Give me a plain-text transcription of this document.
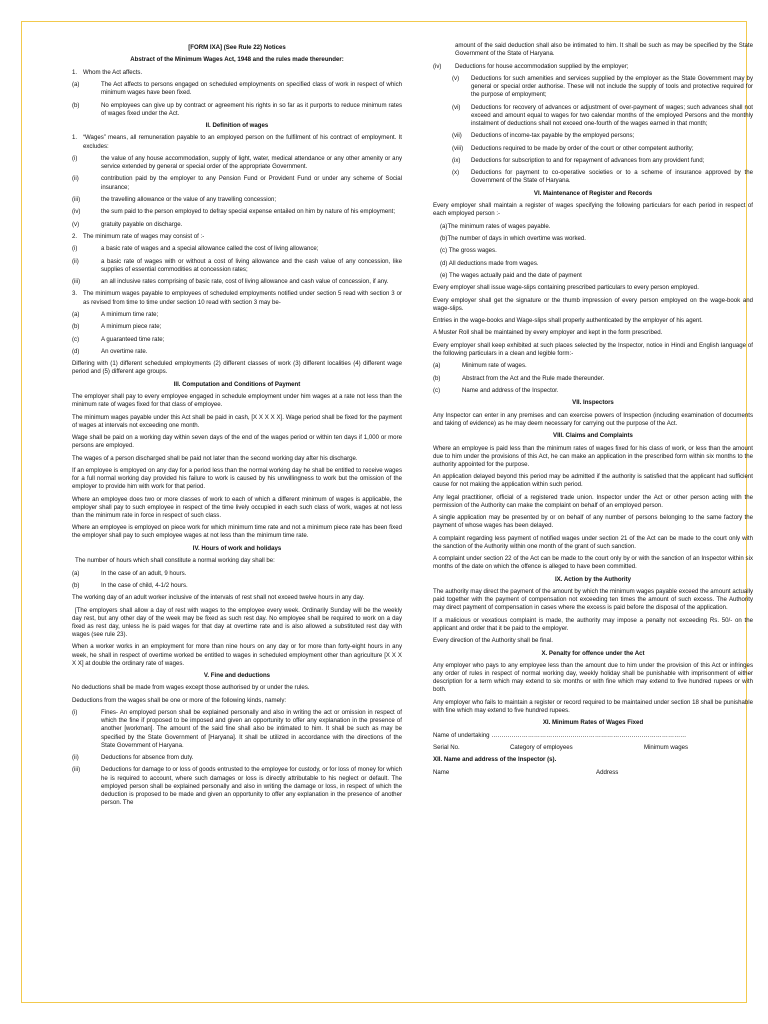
[FORM IXA] (See Rule 22) Notices
Abstract of the Minimum Wages Act, 1948 and the rules made thereunder:
1. Whom the Act affects.
(a)	The Act affects to persons engaged on scheduled employments on specified class of work in respect of which minimum wages have been fixed.
(b)	No employees can give up by contract or agreement his rights in so far as it purports to reduce minimum rates of wages fixed under the Act.
II. Definition of wages
1. “Wages” means, all remuneration payable to an employed person on the fulfilment of his contract of employment. It excludes:
(i)	the value of any house accommodation, supply of light, water, medical attendance or any other amenity or any service extended by general or special order of the appropriate Government.
(ii)	contribution paid by the employer to any Pension Fund or Provident Fund or under any scheme of Social insurance;
(iii)	the travelling allowance or the value of any travelling concession;
(iv)	the sum paid to the person employed to defray special expense entailed on him by nature of his employment;
(v)	gratuity payable on discharge.
2. The minimum rate of wages may consist of :-
(i)	a basic rate of wages and a special allowance called the cost of living allowance;
(ii)	a basic rate of wages with or without a cost of living allowance and the cash value of any concession, like supplies of essential commodities at concession rates;
(iii)	an all inclusive rates comprising of basic rate, cost of living allowance and cash value of concession, if any.
3. The minimum wages payable to employees of scheduled employments notified under section 5 read with section 3 or as revised from time to time under section 10 read with section 3 may be-
(a)	A minimum time rate;
(b)	A minimum piece rate;
(c)	A guaranteed time rate;
(d)	An overtime rate.
Differing with (1) different scheduled employments (2) different classes of work (3) different localities (4) different wage period and (5) different age groups.
III. Computation and Conditions of Payment
The employer shall pay to every employee engaged in schedule employment under him wages at a rate not less than the minimum rate of wages fixed for that class of employee.
The minimum wages payable under this Act shall be paid in cash, [X X X X X]. Wage period shall be fixed for the payment of wages at intervals not exceeding one month.
Wage shall be paid on a working day within seven days of the end of the wages period or within ten days if 1,000 or more persons are employed.
The wages of a person discharged shall be paid not later than the second working day after his discharge.
If an employee is employed on any day for a period less than the normal working day he shall be entitled to receive wages for a full normal working day provided his failure to work is caused by his unwillingness to work but the omission of the employer to provide him with work for that period.
Where an employee does two or more classes of work to each of which a different minimum of wages is applicable, the employer shall pay to such employee in respect of the time lively occupied in each such class of work, wages at not less than the minimum rate in force in respect of such class.
Where an employee is employed on piece work for which minimum time rate and not a minimum piece rate has been fixed the employer shall pay to such employee wages at not less than the minimum time rate.
IV. Hours of work and holidays
The number of hours which shall constitute a normal working day shall be:
(a)	In the case of an adult, 9 hours.
(b)	In the case of child, 4-1/2 hours.
The working day of an adult worker inclusive of the intervals of rest shall not exceed twelve hours in any day.
[The employers shall allow a day of rest with wages to the employee every week. Ordinarily Sunday will be the weekly day rest, but any other day of the week may be fixed as such rest day. No employee shall be required to work on a day fixed as rest day, unless he is paid wages for that day at overtime rate and is also allowed a substituted rest day with wages (see rule 23).
When a worker works in an employment for more than nine hours on any day or for more than forty-eight hours in any week, he shall in respect of overtime worked be entitled to wages in scheduled employment other than agriculture [X X X X X] at double the ordinary rate of wages.
V. Fine and deductions
No deductions shall be made from wages except those authorised by or under the rules.
Deductions from the wages shall be one or more of the following kinds, namely:
(i)	Fines- An employed person shall be explained personally and also in writing the act or omission in respect of which the fine if proposed to be imposed and given an opportunity to offer any explanation in the presence of another [workman]. The amount of the said fine shall also be intimated to him. It shall be such as may be specified by the State Government of [Haryana]. It shall be utilized in accordance with the directions of the State Government of Haryana.
(ii)	Deductions for absence from duty.
(iii)	Deductions for damage to or loss of goods entrusted to the employee for custody, or for loss of money for which he is required to account, where such damages or loss is directly attributable to his neglect or default. The employed person shall be explained personally and also in writing the damage or loss, in respect of which the deduction is proposed to be made and given an opportunity to offer any explanation in the presence of another person. The
amount of the said deduction shall also be intimated to him. It shall be such as may be specified by the State Government of the State of Haryana.
(iv)	Deductions for house accommodation supplied by the employer;
(v)	Deductions for such amenities and services supplied by the employer as the State Government may by general or special order authorise. These will not include the supply of tools and protective required for the purpose of employment;
(vi)	Deductions for recovery of advances or adjustment of over-payment of wages; such advances shall not exceed and amount equal to wages for two calendar months of the employed Persons and the monthly instalment of deductions shall not exceed one-fourth of the wages earned in that month;
(vii)	Deductions of income-tax payable by the employed persons;
(viii)	Deductions required to be made by order of the court or other competent authority;
(ix)	Deductions for subscription to and for repayment of advances from any provident fund;
(x)	Deductions for payment to co-operative societies or to a scheme of insurance approved by the Government of the State of Haryana.
VI. Maintenance of Register and Records
Every employer shall maintain a register of wages specifying the following particulars for each period in respect of each employed person :-
(a)The minimum rates of wages payable.
(b)The number of days in which overtime was worked.
(c) The gross wages.
(d) All deductions made from wages.
(e) The wages actually paid and the date of payment
Every employer shall issue wage-slips containing prescribed particulars to every person employed.
Every employer shall get the signature or the thumb impression of every person employed on the wage-book and wage-slips.
Entries in the wage-books and Wage-slips shall properly authenticated by the employer of his agent.
A Muster Roll shall be maintained by every employer and kept in the form prescribed.
Every employer shall keep exhibited at such places selected by the Inspector, notice in Hindi and English language of the following particulars in a clean and legible form:-
(a)	Minimum rate of wages.
(b)	Abstract from the Act and the Rule made thereunder.
(c)	Name and address of the Inspector.
VII. Inspectors
Any Inspector can enter in any premises and can exercise powers of Inspection (including examination of documents and taking of evidence) as he may deem necessary for carrying out the purpose of the Act.
VIII. Claims and Complaints
Where an employee is paid less than the minimum rates of wages fixed for his class of work, or less than the amount due to him under the provisions of this Act, he can make an application in the prescribed form within six months to the authority appointed for the purpose.
An application delayed beyond this period may be admitted if the authority is satisfied that the applicant had sufficient cause for not making the application within such period.
Any legal practitioner, official of a registered trade union. Inspector under the Act or other person acting with the permission of the Authority can make the complaint on behalf of an employed person.
A single application may be presented by or on behalf of any number of persons belonging to the same factory the payment of whose wages has been delayed.
A complaint regarding less payment of notified wages under section 21 of the Act can be made to the court only with the sanction of the Authority within one month of the grant of such sanction.
A complaint under section 22 of the Act can be made to the court only by or with the sanction of an Inspector within six months of the date on which the offence is alleged to have been committed.
IX. Action by the Authority
The authority may direct the payment of the amount by which the minimum wages payable exceed the amount actually paid together with the payment of compensation not exceeding ten times the amount of such excess. The Authority may direct payment of compensation in cases where the excess is paid before the disposal of the application.
If a malicious or vexatious complaint is made, the authority may impose a penalty not exceeding Rs. 50/- on the applicant and order that it be paid to the employer.
Every direction of the Authority shall be final.
X. Penalty for offence under the Act
Any employer who pays to any employee less than the amount due to him under the provision of this Act or infringes any order of rules in respect of normal working day, weekly holiday shall be punishable with imprisonment of either description for a term which may extend to six months or with fine which may extend to five hundred rupees or with both.
Any employer who fails to maintain a register or record required to be maintained under section 18 shall be punishable with fine which may extend to five hundred rupees.
XI. Minimum Rates of Wages Fixed
Name of undertaking ……………………………………………………………………………………
Serial No.	Category of employees	Minimum wages
XII. Name and address of the Inspector (s).
Name	Address
